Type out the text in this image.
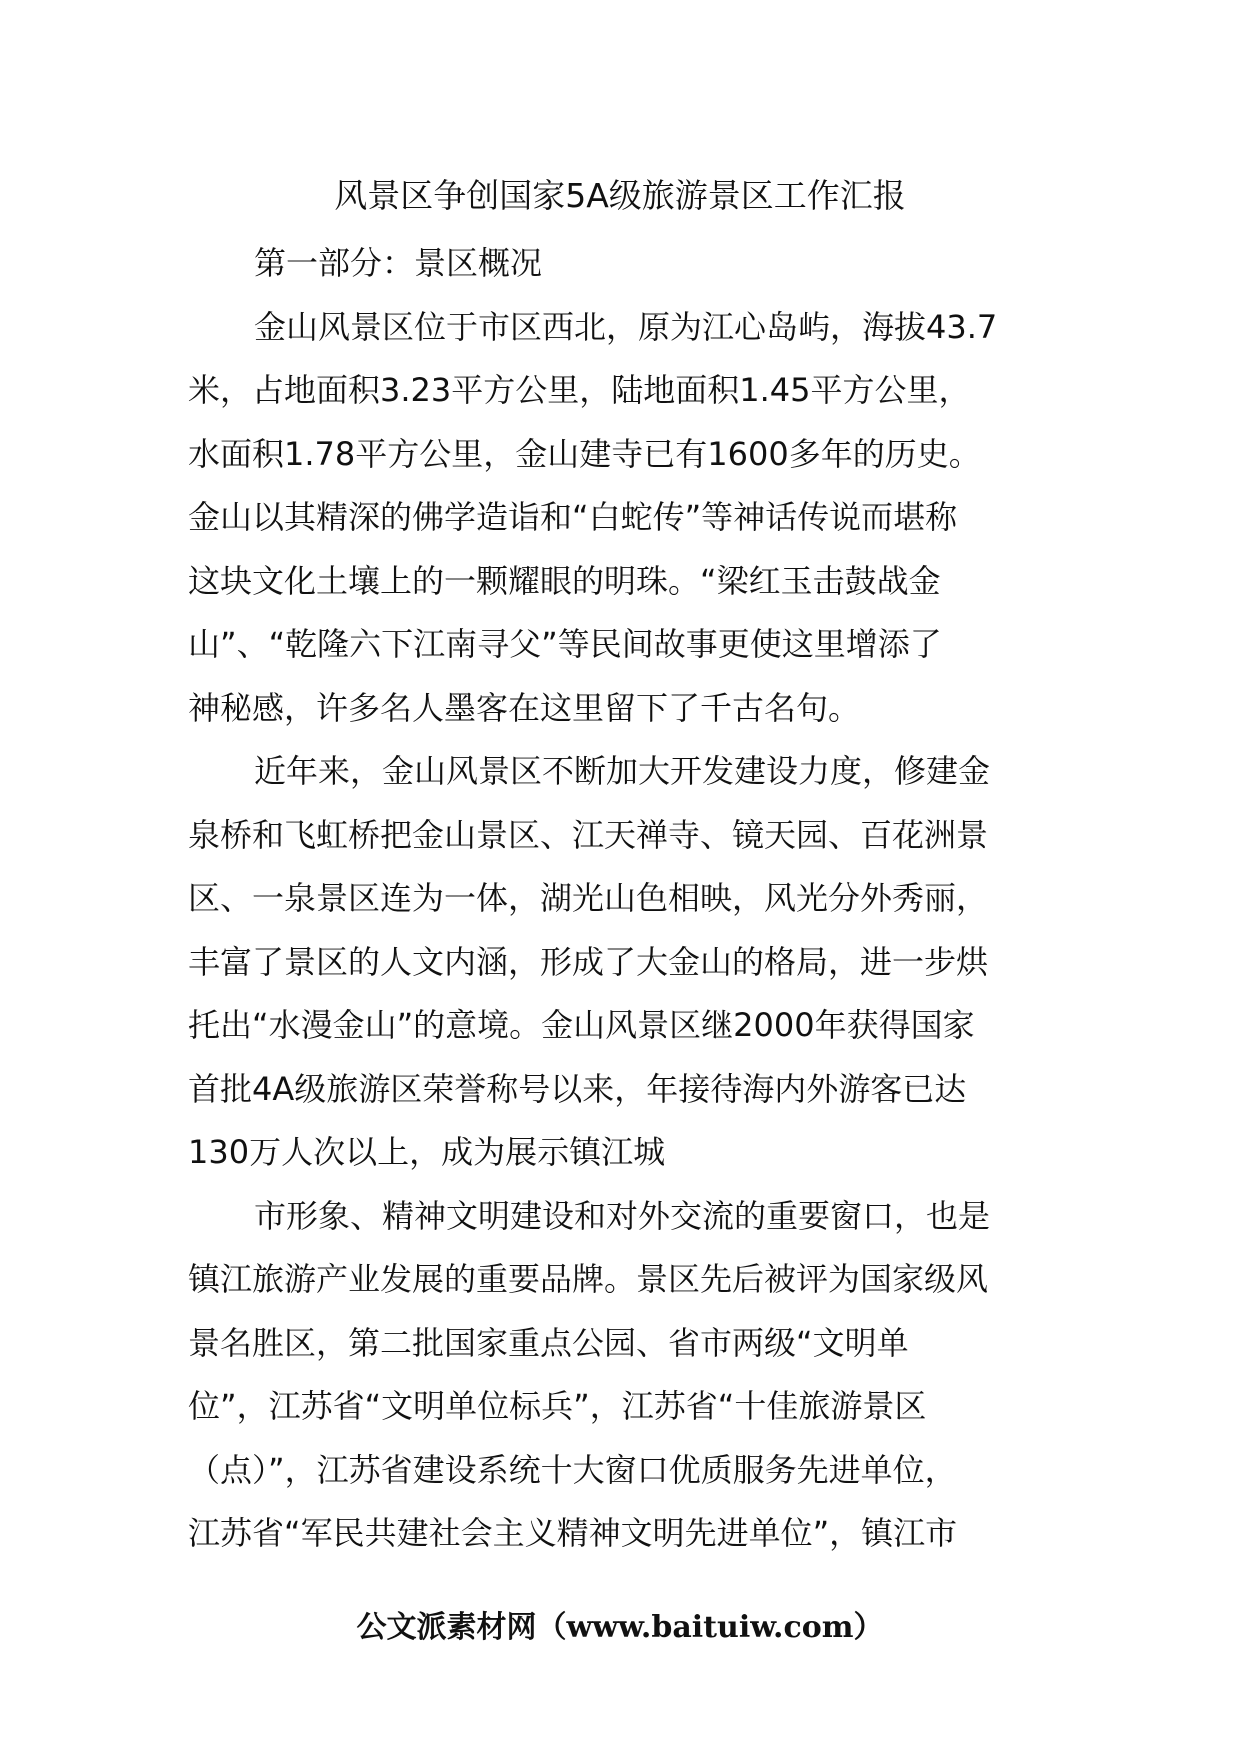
风景区争创国家5A级旅游景区工作汇报
第一部分：景区概况
金山风景区位于市区西北，原为江心岛屿，海拔43.7
米，占地面积3.23平方公里，陆地面积1.45平方公里，
水面积1.78平方公里，金山建寺已有1600多年的历史。
金山以其精深的佛学造诣和“白蛇传”等神话传说而堪称
这块文化土壤上的一颗耀眼的明珠。“梁红玉击鼓战金
山”、“乾隆六下江南寻父”等民间故事更使这里增添了
神秘感，许多名人墨客在这里留下了千古名句。
近年来，金山风景区不断加大开发建设力度，修建金
泉桥和飞虹桥把金山景区、江天禅寺、镜天园、百花洲景
区、一泉景区连为一体，湖光山色相映，风光分外秀丽，
丰富了景区的人文内涵，形成了大金山的格局，进一步烘
托出“水漫金山”的意境。金山风景区继2000年获得国家
首批4A级旅游区荣誉称号以来，年接待海内外游客已达
130万人次以上，成为展示镇江城
市形象、精神文明建设和对外交流的重要窗口，也是
镇江旅游产业发展的重要品牌。景区先后被评为国家级风
景名胜区，第二批国家重点公园、省市两级“文明单
位”，江苏省“文明单位标兵”，江苏省“十佳旅游景区
（点）”，江苏省建设系统十大窗口优质服务先进单位，
江苏省“军民共建社会主义精神文明先进单位”，镇江市
公文派素材网（www.baituiw.com）
